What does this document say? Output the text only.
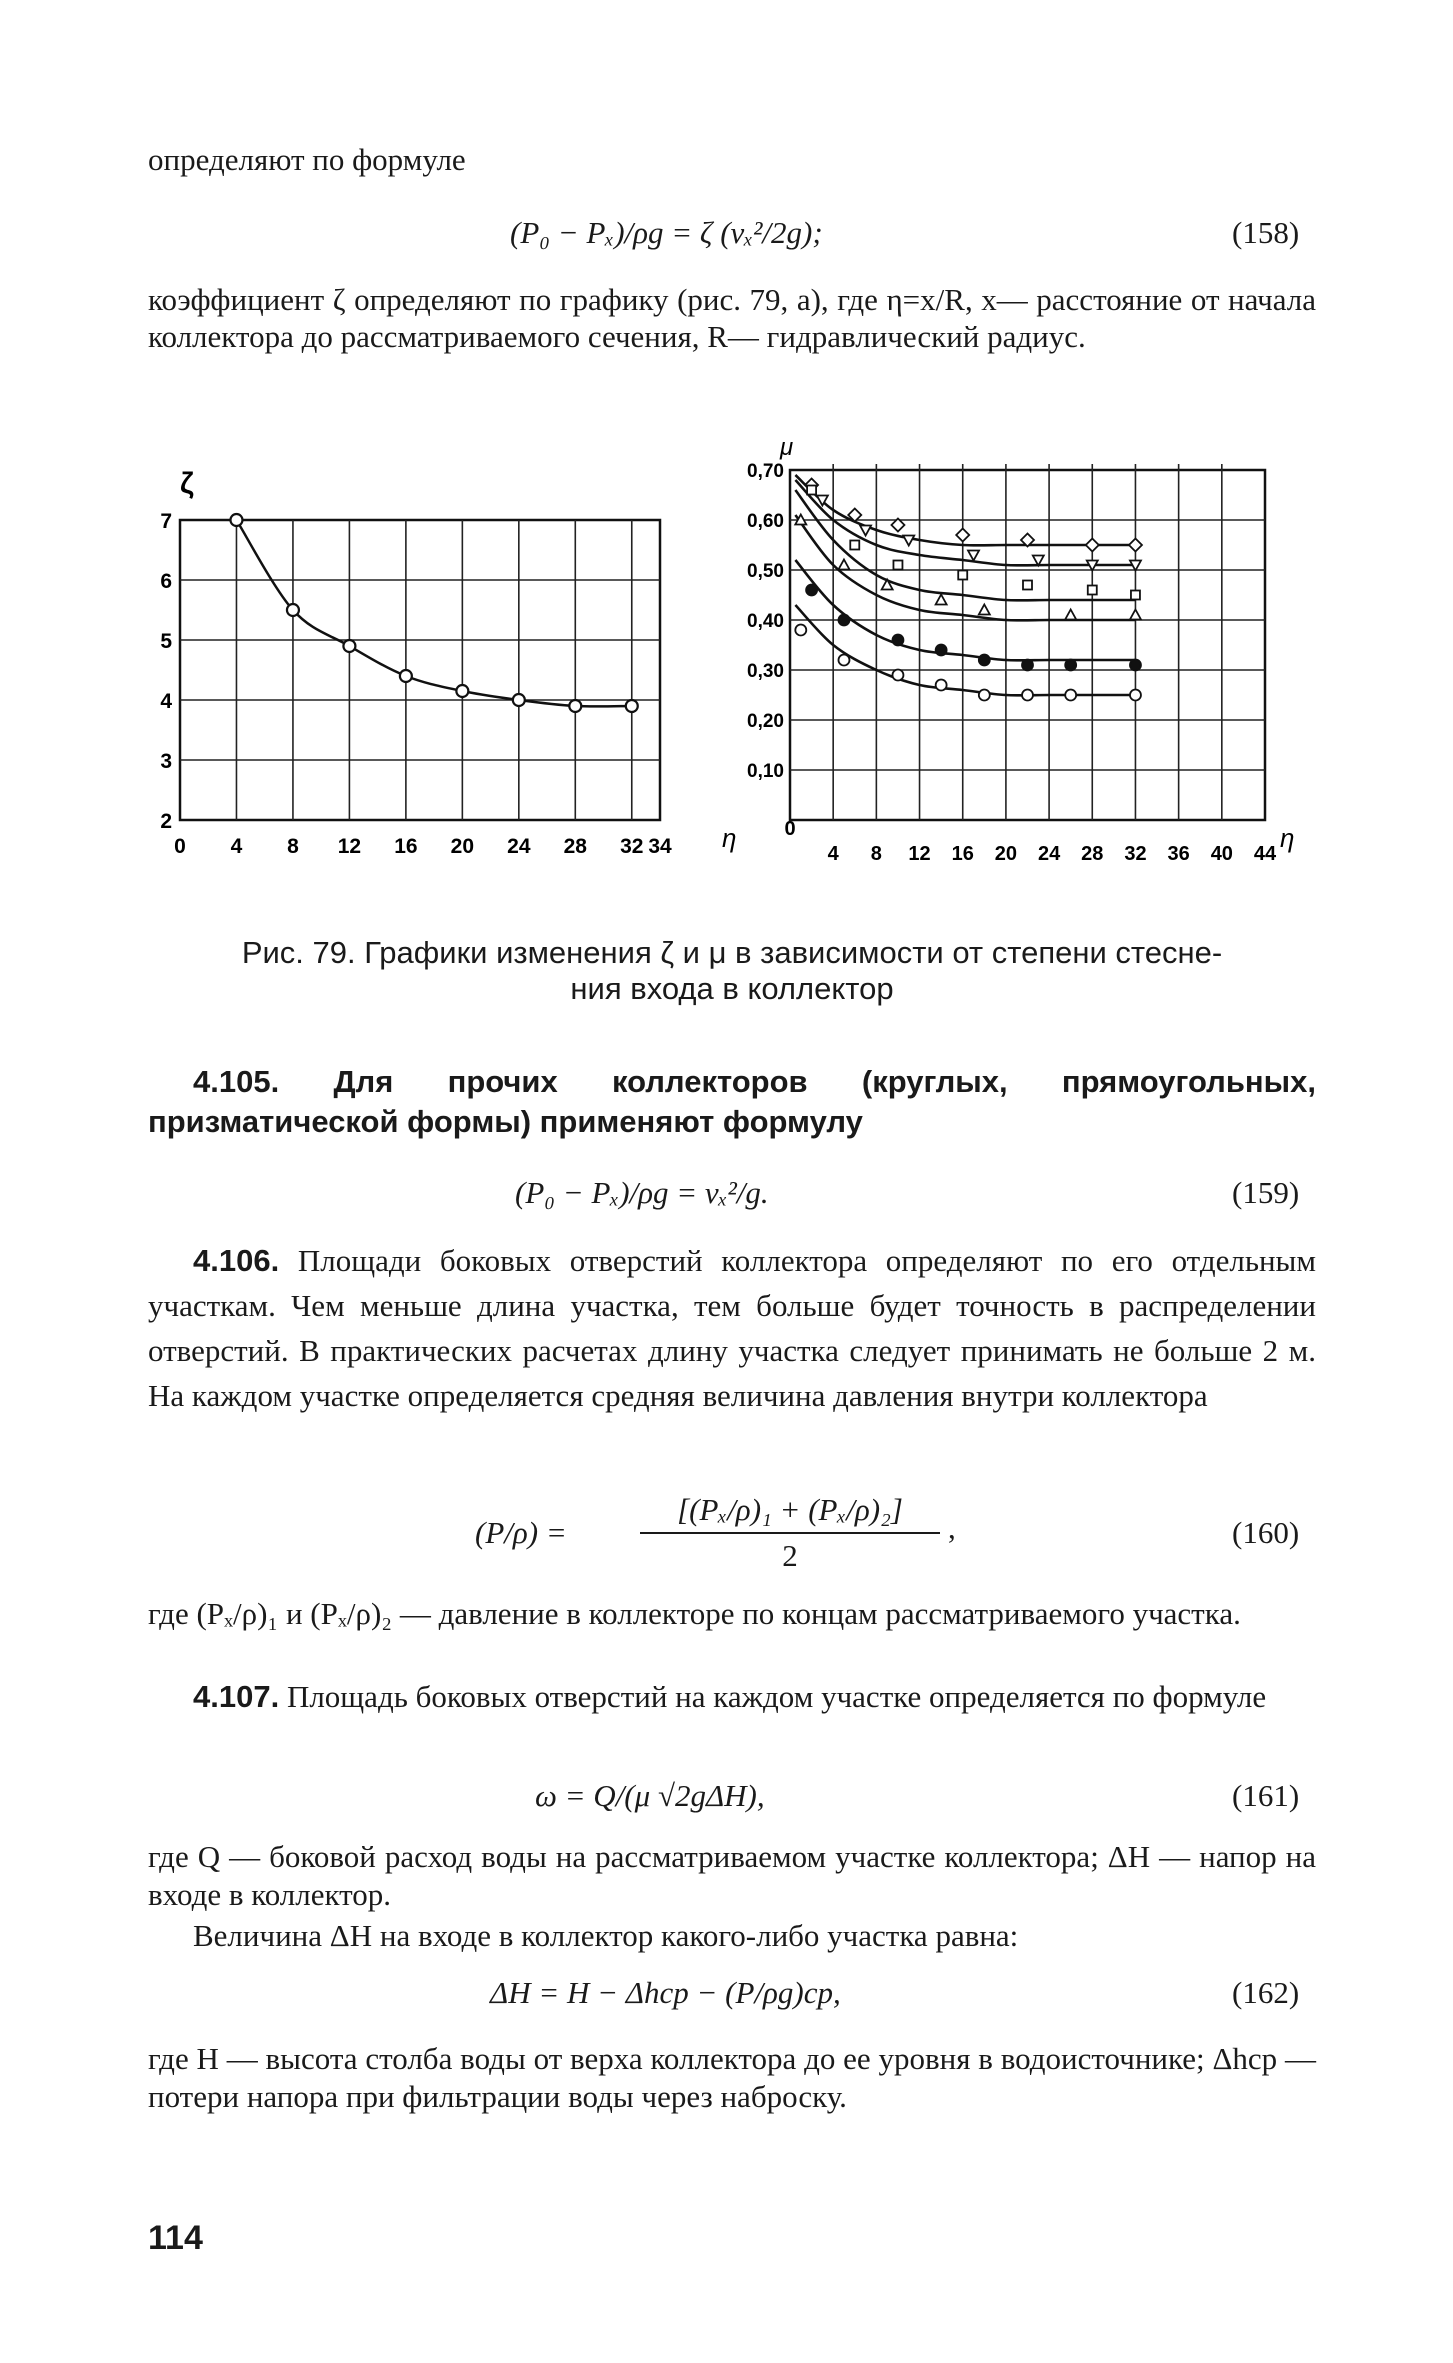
определяют по формуле
(P₀ − Pₓ)/ρg = ζ (vₓ²/2g);	(158)
коэффициент ζ определяют по графику (рис. 79, a), где η=x/R, x— расстояние от начала коллектора до рассматриваемого сечения, R— гидравлический радиус.
0 4 8 12 16 20 24 28 32 34
2
3
4
5
6
7
ζ
η 0
4 8 12 16 20 24 28 32 36 40 44
0,10
0,20
0,30
0,40
0,50
0,60
0,70
μ
η
Рис. 79. Графики изменения ζ и μ в зависимости от степени стесне-
ния входа в коллектор
4.105. Для прочих коллекторов (круглых, прямоугольных, призматической формы) применяют формулу
(P₀ − Pₓ)/ρg = vₓ²/g.	(159)
4.106. Площади боковых отверстий коллектора определяют по его отдельным участкам. Чем меньше длина участка, тем больше будет точность в распределении отверстий. В практических расчетах длину участка следует принимать не больше 2 м. На каждом участке определяется средняя величина давления внутри коллектора
(P/ρ) =
[(Pₓ/ρ)₁ + (Pₓ/ρ)₂]
2
,	(160)
где (Pₓ/ρ)₁ и (Pₓ/ρ)₂ — давление в коллекторе по концам рассматриваемого участка.
4.107. Площадь боковых отверстий на каждом участке определяется по формуле
ω = Q/(μ √2gΔH),	(161)
где Q — боковой расход воды на рассматриваемом участке коллектора; ΔH — напор на входе в коллектор.
Величина ΔH на входе в коллектор какого-либо участка равна:
ΔH = H − Δhср − (P/ρg)ср,	(162)
где H — высота столба воды от верха коллектора до ее уровня в водоисточнике; Δhср — потери напора при фильтрации воды через наброску.
114
